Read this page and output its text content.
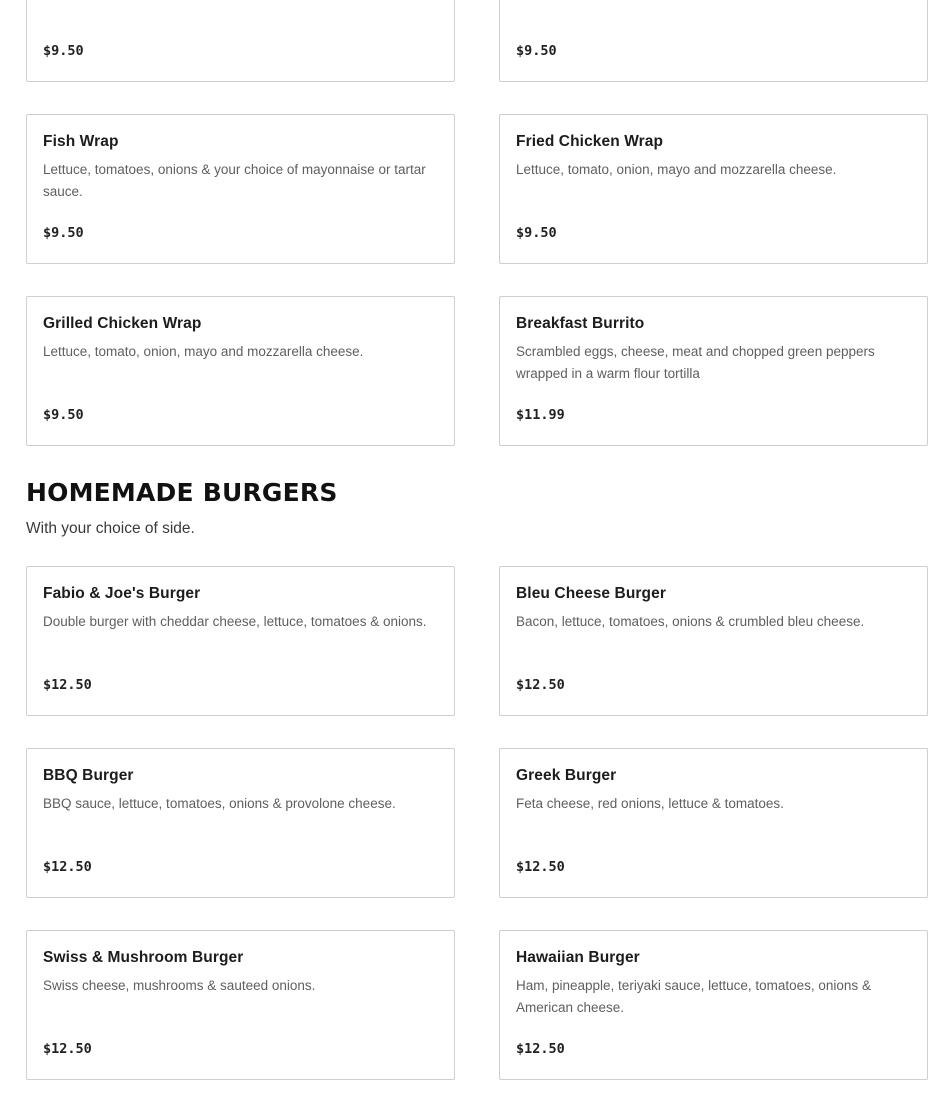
$9.50	$9.50
Fish Wrap
Lettuce, tomatoes, onions & your choice of mayonnaise or tartar sauce.
$9.50
Fried Chicken Wrap
Lettuce, tomato, onion, mayo and mozzarella cheese.
$9.50
Grilled Chicken Wrap
Lettuce, tomato, onion, mayo and mozzarella cheese.
$9.50
Breakfast Burrito
Scrambled eggs, cheese, meat and chopped green peppers wrapped in a warm flour tortilla
$11.99
HOMEMADE BURGERS
With your choice of side.
Fabio & Joe's Burger
Double burger with cheddar cheese, lettuce, tomatoes & onions.
$12.50
Bleu Cheese Burger
Bacon, lettuce, tomatoes, onions & crumbled bleu cheese.
$12.50
BBQ Burger
BBQ sauce, lettuce, tomatoes, onions & provolone cheese.
$12.50
Greek Burger
Feta cheese, red onions, lettuce & tomatoes.
$12.50
Swiss & Mushroom Burger
Swiss cheese, mushrooms & sauteed onions.
$12.50
Hawaiian Burger
Ham, pineapple, teriyaki sauce, lettuce, tomatoes, onions & American cheese.
$12.50
